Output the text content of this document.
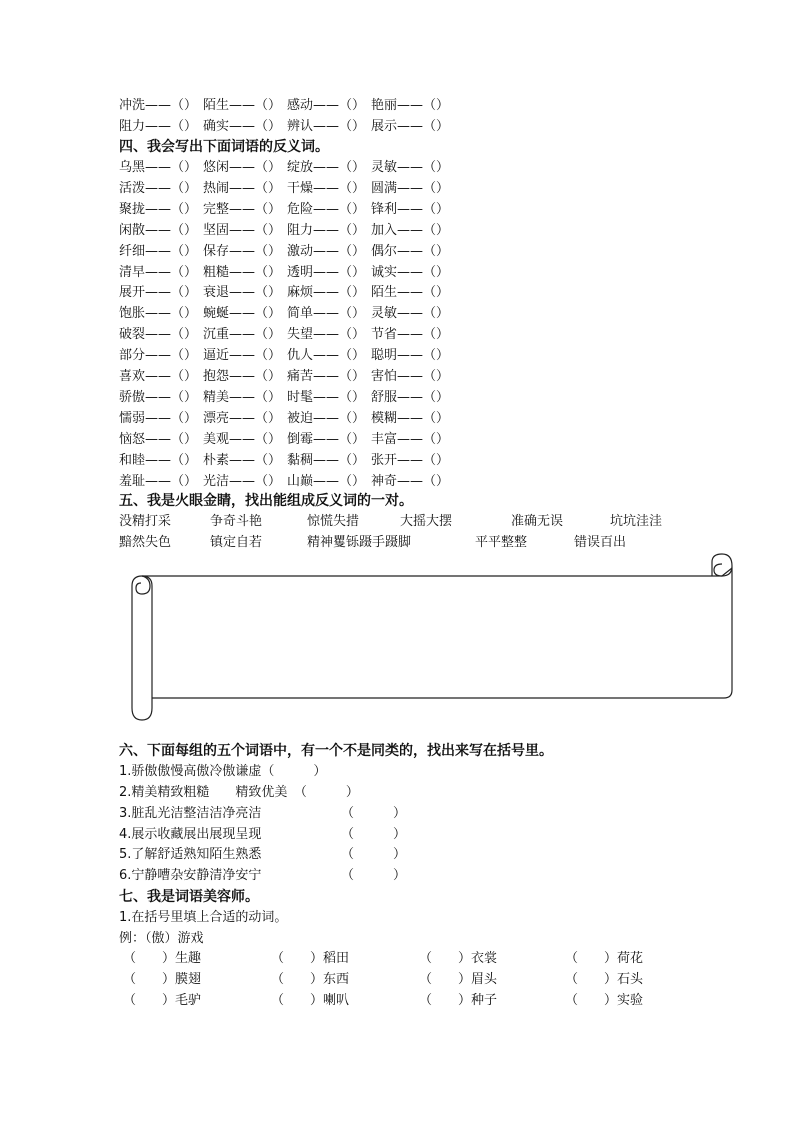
冲洗——（） 陌生——（） 感动——（） 艳丽——（）
阻力——（） 确实——（） 辨认——（） 展示——（）
四、我会写出下面词语的反义词。
乌黑——（） 悠闲——（） 绽放——（） 灵敏——（）
活泼——（） 热闹——（） 干燥——（） 圆满——（）
聚拢——（） 完整——（） 危险——（） 锋利——（）
闲散——（） 坚固——（） 阻力——（） 加入——（）
纤细——（） 保存——（） 激动——（） 偶尔——（）
清早——（） 粗糙——（） 透明——（） 诚实——（）
展开——（） 衰退——（） 麻烦——（） 陌生——（）
饱胀——（） 蜿蜒——（） 简单——（） 灵敏——（）
破裂——（） 沉重——（） 失望——（） 节省——（）
部分——（） 逼近——（） 仇人——（） 聪明——（）
喜欢——（） 抱怨——（） 痛苦——（） 害怕——（）
骄傲——（） 精美——（） 时髦——（） 舒服——（）
懦弱——（） 漂亮——（） 被迫——（） 模糊——（）
恼怒——（） 美观——（） 倒霉——（） 丰富——（）
和睦——（） 朴素——（） 黏稠——（） 张开——（）
羞耻——（） 光洁——（） 山巅——（） 神奇——（）
五、我是火眼金睛，找出能组成反义词的一对。
没精打采	争奇斗艳	惊慌失措	大摇大摆	准确无误	坑坑洼洼
黯然失色	镇定自若	精神矍铄蹑手蹑脚	平平整整	错误百出
六、下面每组的五个词语中，有一个不是同类的，找出来写在括号里。
1.骄傲傲慢高傲冷傲谦虚（　　　）
2.精美精致粗糙　　精致优美　（　　　）
3.脏乱光洁整洁洁净亮洁	（　　　）
4.展示收藏展出展现呈现	（　　　）
5.了解舒适熟知陌生熟悉	（　　　）
6.宁静嘈杂安静清净安宁	（　　　）
七、我是词语美容师。
1.在括号里填上合适的动词。
例：（傲）游戏
（　　）生趣	（　　）稻田	（　　）衣裳	（　　）荷花
（　　）膜翅	（　　）东西	（　　）眉头	（　　）石头
（　　）毛驴	（　　）喇叭	（　　）种子	（　　）实验
